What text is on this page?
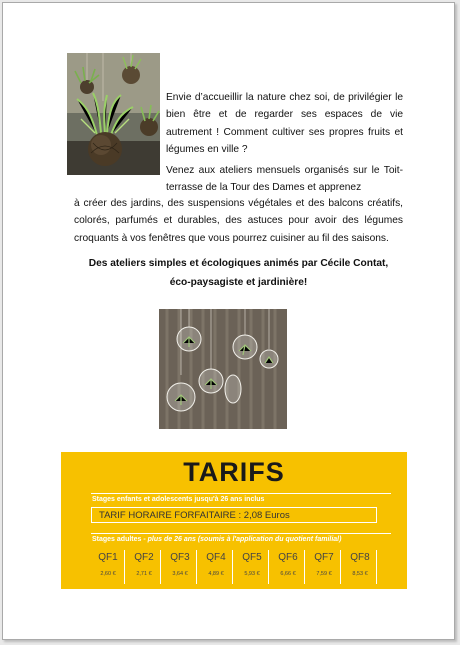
Envie d’accueillir la nature chez soi, de privilégier le bien être et de regarder ses espaces de vie autrement ! Comment cultiver ses propres fruits et légumes en ville ?

Venez aux ateliers mensuels organisés sur le Toit-terrasse de la Tour des Dames et apprenez

à créer des jardins, des suspensions végétales et des balcons créatifs, colorés, parfumés et durables, des astuces pour avoir des légumes croquants à vos fenêtres que vous pourrez cuisiner au fil des saisons.

Des ateliers simples et écologiques animés par Cécile Contat,
éco-paysagiste et jardinière!
TARIFS
Stages enfants et adolescents jusqu'à 26 ans inclus
TARIF HORAIRE FORFAITAIRE : 2,08 Euros
Stages adultes - plus de 26 ans (soumis à l'application du quotient familial)
QF1
2,60 €
QF2
2,71 €
QF3
3,64 €
QF4
4,89 €
QF5
5,93 €
QF6
6,66 €
QF7
7,59 €
QF8
8,53 €
